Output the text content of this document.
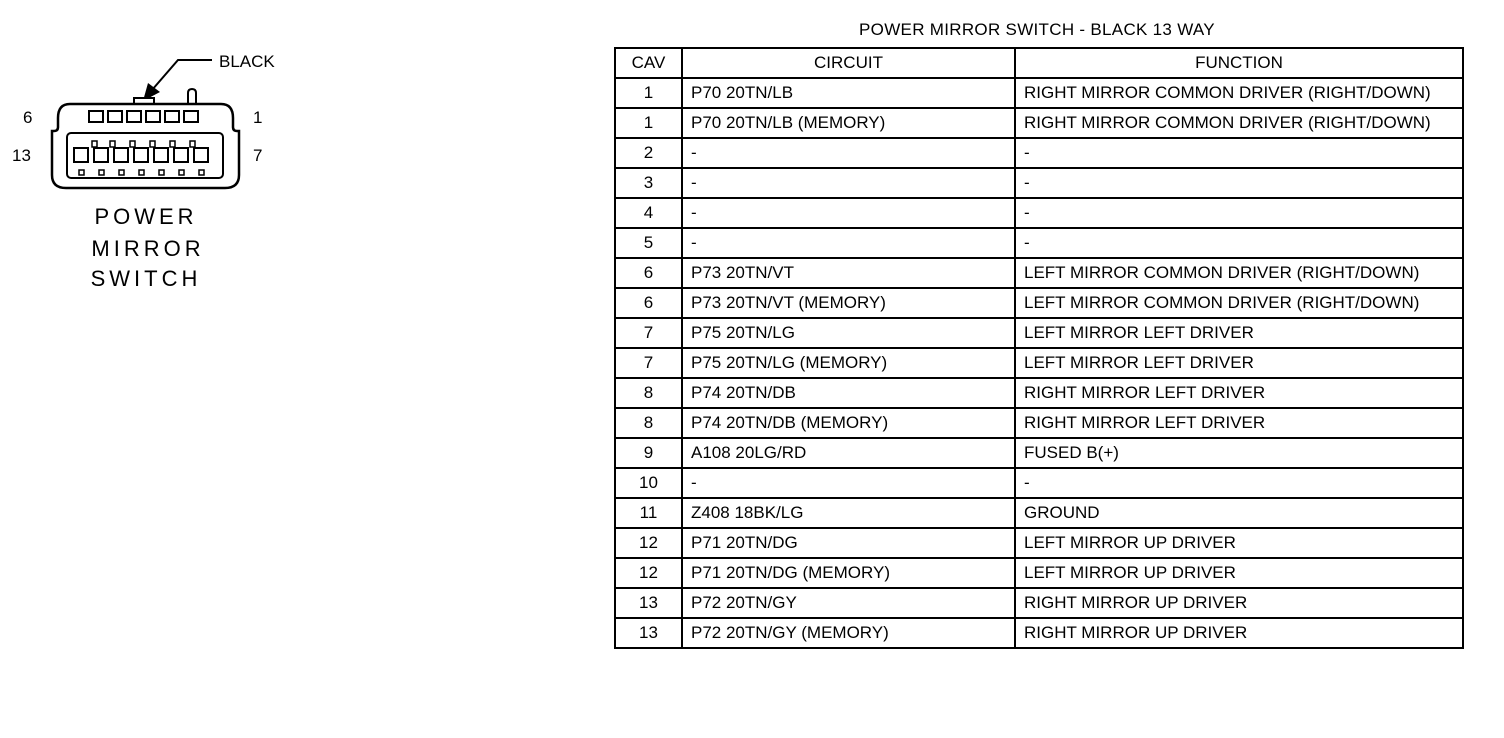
BLACK
6
13
1
7
POWER
MIRROR
SWITCH
POWER MIRROR SWITCH - BLACK 13 WAY
CAV	CIRCUIT	FUNCTION
1	P70 20TN/LB	RIGHT MIRROR COMMON DRIVER (RIGHT/DOWN)
1	P70 20TN/LB (MEMORY)	RIGHT MIRROR COMMON DRIVER (RIGHT/DOWN)
2	-	-
3	-	-
4	-	-
5	-	-
6	P73 20TN/VT	LEFT MIRROR COMMON DRIVER (RIGHT/DOWN)
6	P73 20TN/VT (MEMORY)	LEFT MIRROR COMMON DRIVER (RIGHT/DOWN)
7	P75 20TN/LG	LEFT MIRROR LEFT DRIVER
7	P75 20TN/LG (MEMORY)	LEFT MIRROR LEFT DRIVER
8	P74 20TN/DB	RIGHT MIRROR LEFT DRIVER
8	P74 20TN/DB (MEMORY)	RIGHT MIRROR LEFT DRIVER
9	A108 20LG/RD	FUSED B(+)
10	-	-
11	Z408 18BK/LG	GROUND
12	P71 20TN/DG	LEFT MIRROR UP DRIVER
12	P71 20TN/DG (MEMORY)	LEFT MIRROR UP DRIVER
13	P72 20TN/GY	RIGHT MIRROR UP DRIVER
13	P72 20TN/GY (MEMORY)	RIGHT MIRROR UP DRIVER
